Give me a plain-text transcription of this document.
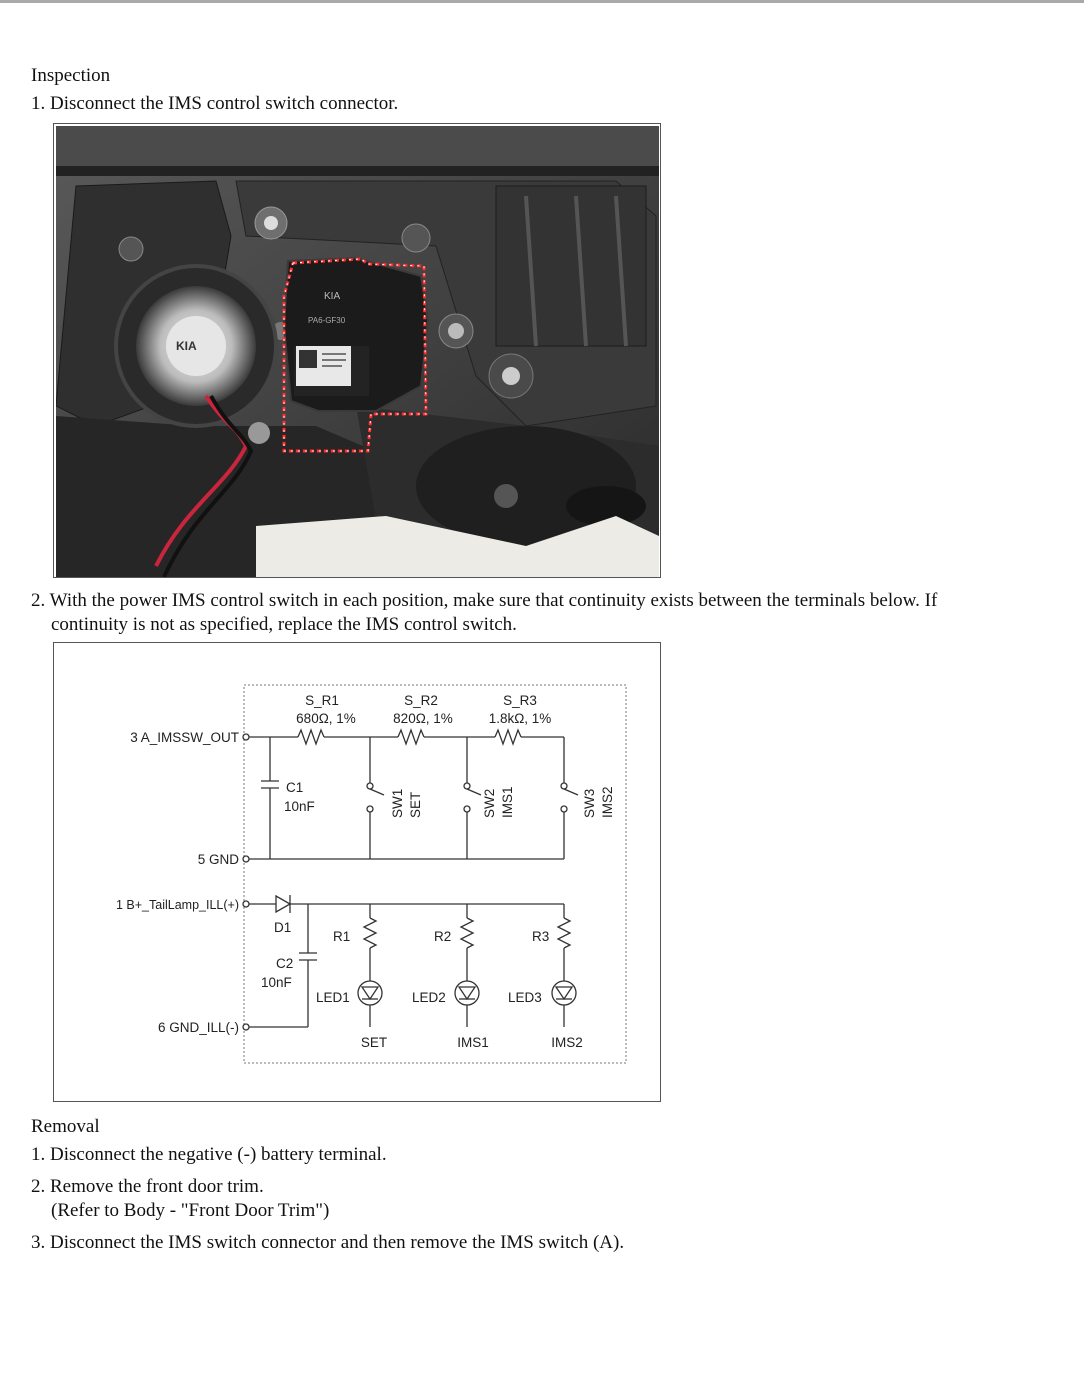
Inspection
1. Disconnect the IMS control switch connector.
KIA
KIA
PA6-GF30
2. With the power IMS control switch in each position, make sure that continuity exists between the terminals below. If
continuity is not as specified, replace the IMS control switch.
3 A_IMSSW_OUT
5 GND
1 B+_TailLamp_ILL(+)
6 GND_ILL(-)
S_R1
680Ω, 1%
S_R2
820Ω, 1%
S_R3
1.8kΩ, 1%
C1
10nF	SW1 SET	SW2 IMS1	SW3 IMS2
D1
C2
10nF
R1	R2	R3
LED1	LED2	LED3
SET	IMS1	IMS2
Removal
1. Disconnect the negative (-) battery terminal.
2. Remove the front door trim.
(Refer to Body - "Front Door Trim")
3. Disconnect the IMS switch connector and then remove the IMS switch (A).
